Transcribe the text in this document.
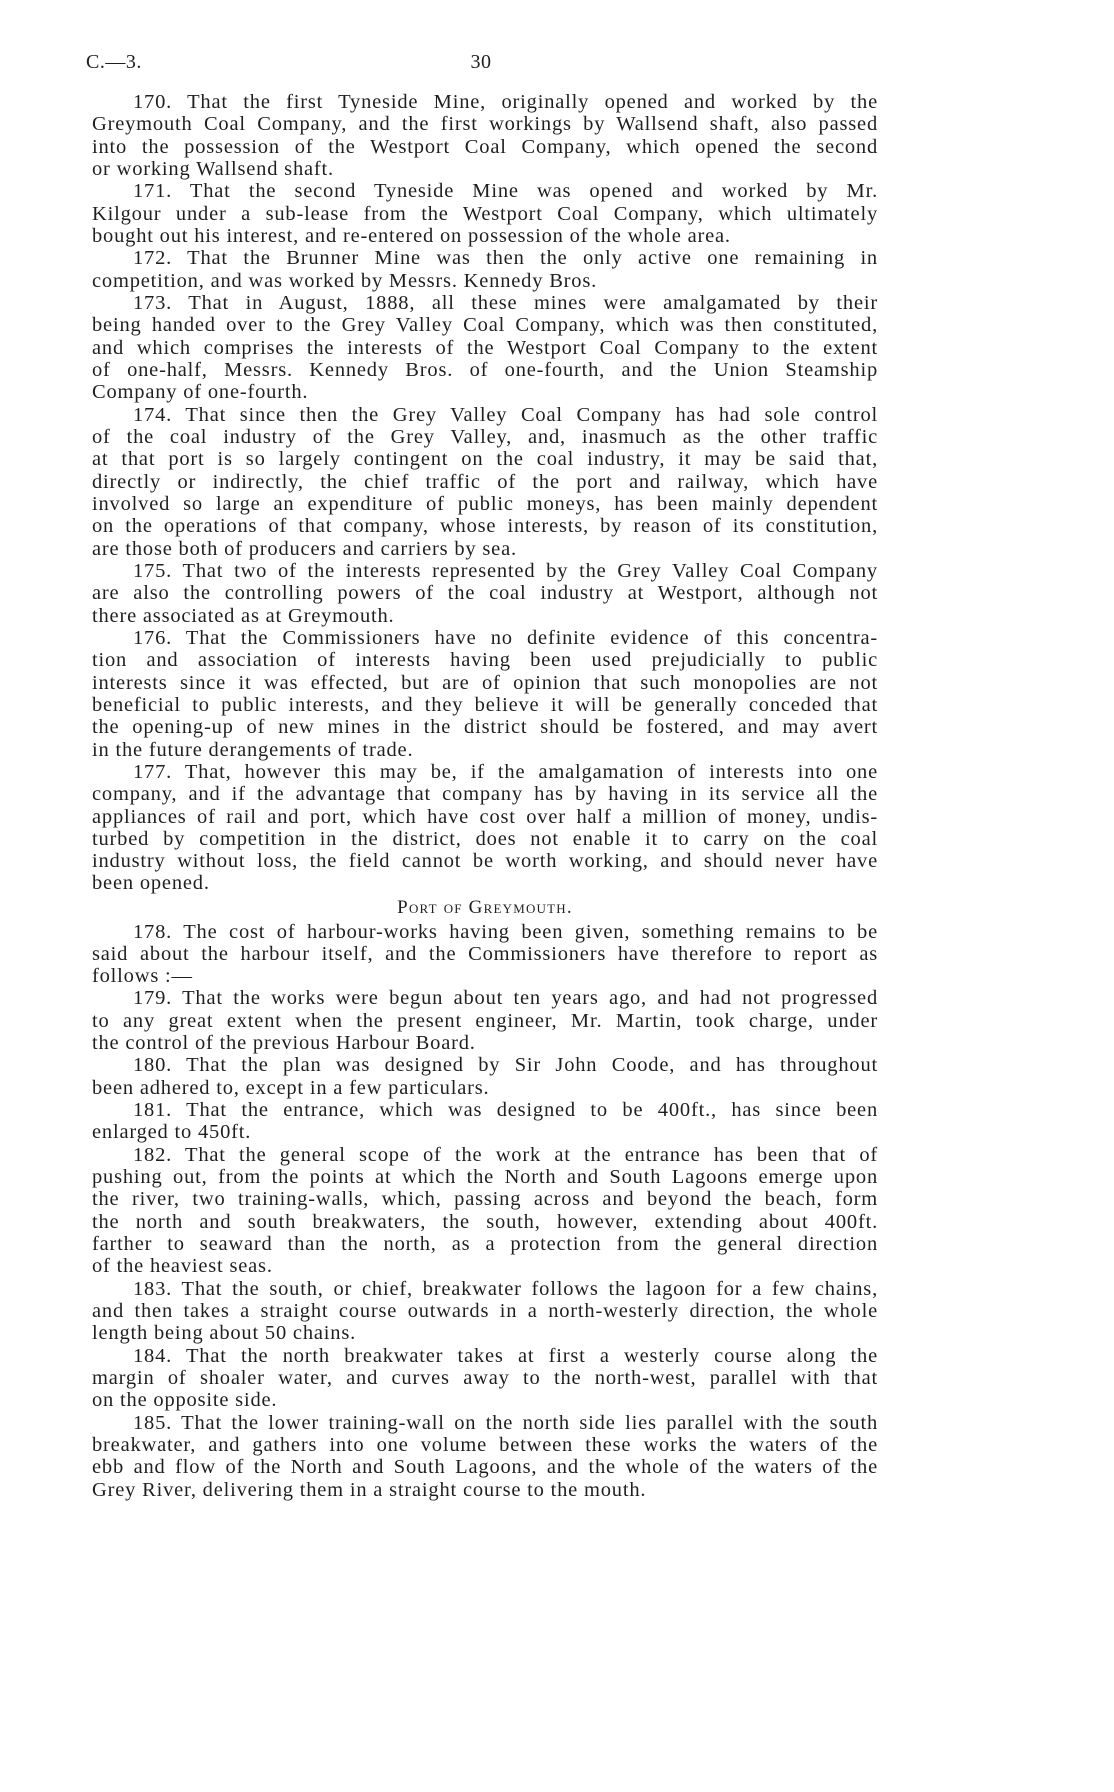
C.—3.	30
170. That the first Tyneside Mine, originally opened and worked by the
Greymouth Coal Company, and the first workings by Wallsend shaft, also passed
into the possession of the Westport Coal Company, which opened the second
or working Wallsend shaft.
171. That the second Tyneside Mine was opened and worked by Mr.
Kilgour under a sub-lease from the Westport Coal Company, which ultimately
bought out his interest, and re-entered on possession of the whole area.
172. That the Brunner Mine was then the only active one remaining in
competition, and was worked by Messrs. Kennedy Bros.
173. That in August, 1888, all these mines were amalgamated by their
being handed over to the Grey Valley Coal Company, which was then constituted,
and which comprises the interests of the Westport Coal Company to the extent
of one-half, Messrs. Kennedy Bros. of one-fourth, and the Union Steamship
Company of one-fourth.
174. That since then the Grey Valley Coal Company has had sole control
of the coal industry of the Grey Valley, and, inasmuch as the other traffic
at that port is so largely contingent on the coal industry, it may be said that,
directly or indirectly, the chief traffic of the port and railway, which have
involved so large an expenditure of public moneys, has been mainly dependent
on the operations of that company, whose interests, by reason of its constitution,
are those both of producers and carriers by sea.
175. That two of the interests represented by the Grey Valley Coal Company
are also the controlling powers of the coal industry at Westport, although not
there associated as at Greymouth.
176. That the Commissioners have no definite evidence of this concentra-
tion and association of interests having been used prejudicially to public
interests since it was effected, but are of opinion that such monopolies are not
beneficial to public interests, and they believe it will be generally conceded that
the opening-up of new mines in the district should be fostered, and may avert
in the future derangements of trade.
177. That, however this may be, if the amalgamation of interests into one
company, and if the advantage that company has by having in its service all the
appliances of rail and port, which have cost over half a million of money, undis-
turbed by competition in the district, does not enable it to carry on the coal
industry without loss, the field cannot be worth working, and should never have
been opened.
Port of Greymouth.
178. The cost of harbour-works having been given, something remains to be
said about the harbour itself, and the Commissioners have therefore to report as
follows :—
179. That the works were begun about ten years ago, and had not progressed
to any great extent when the present engineer, Mr. Martin, took charge, under
the control of the previous Harbour Board.
180. That the plan was designed by Sir John Coode, and has throughout
been adhered to, except in a few particulars.
181. That the entrance, which was designed to be 400ft., has since been
enlarged to 450ft.
182. That the general scope of the work at the entrance has been that of
pushing out, from the points at which the North and South Lagoons emerge upon
the river, two training-walls, which, passing across and beyond the beach, form
the north and south breakwaters, the south, however, extending about 400ft.
farther to seaward than the north, as a protection from the general direction
of the heaviest seas.
183. That the south, or chief, breakwater follows the lagoon for a few chains,
and then takes a straight course outwards in a north-westerly direction, the whole
length being about 50 chains.
184. That the north breakwater takes at first a westerly course along the
margin of shoaler water, and curves away to the north-west, parallel with that
on the opposite side.
185. That the lower training-wall on the north side lies parallel with the south
breakwater, and gathers into one volume between these works the waters of the
ebb and flow of the North and South Lagoons, and the whole of the waters of the
Grey River, delivering them in a straight course to the mouth.
